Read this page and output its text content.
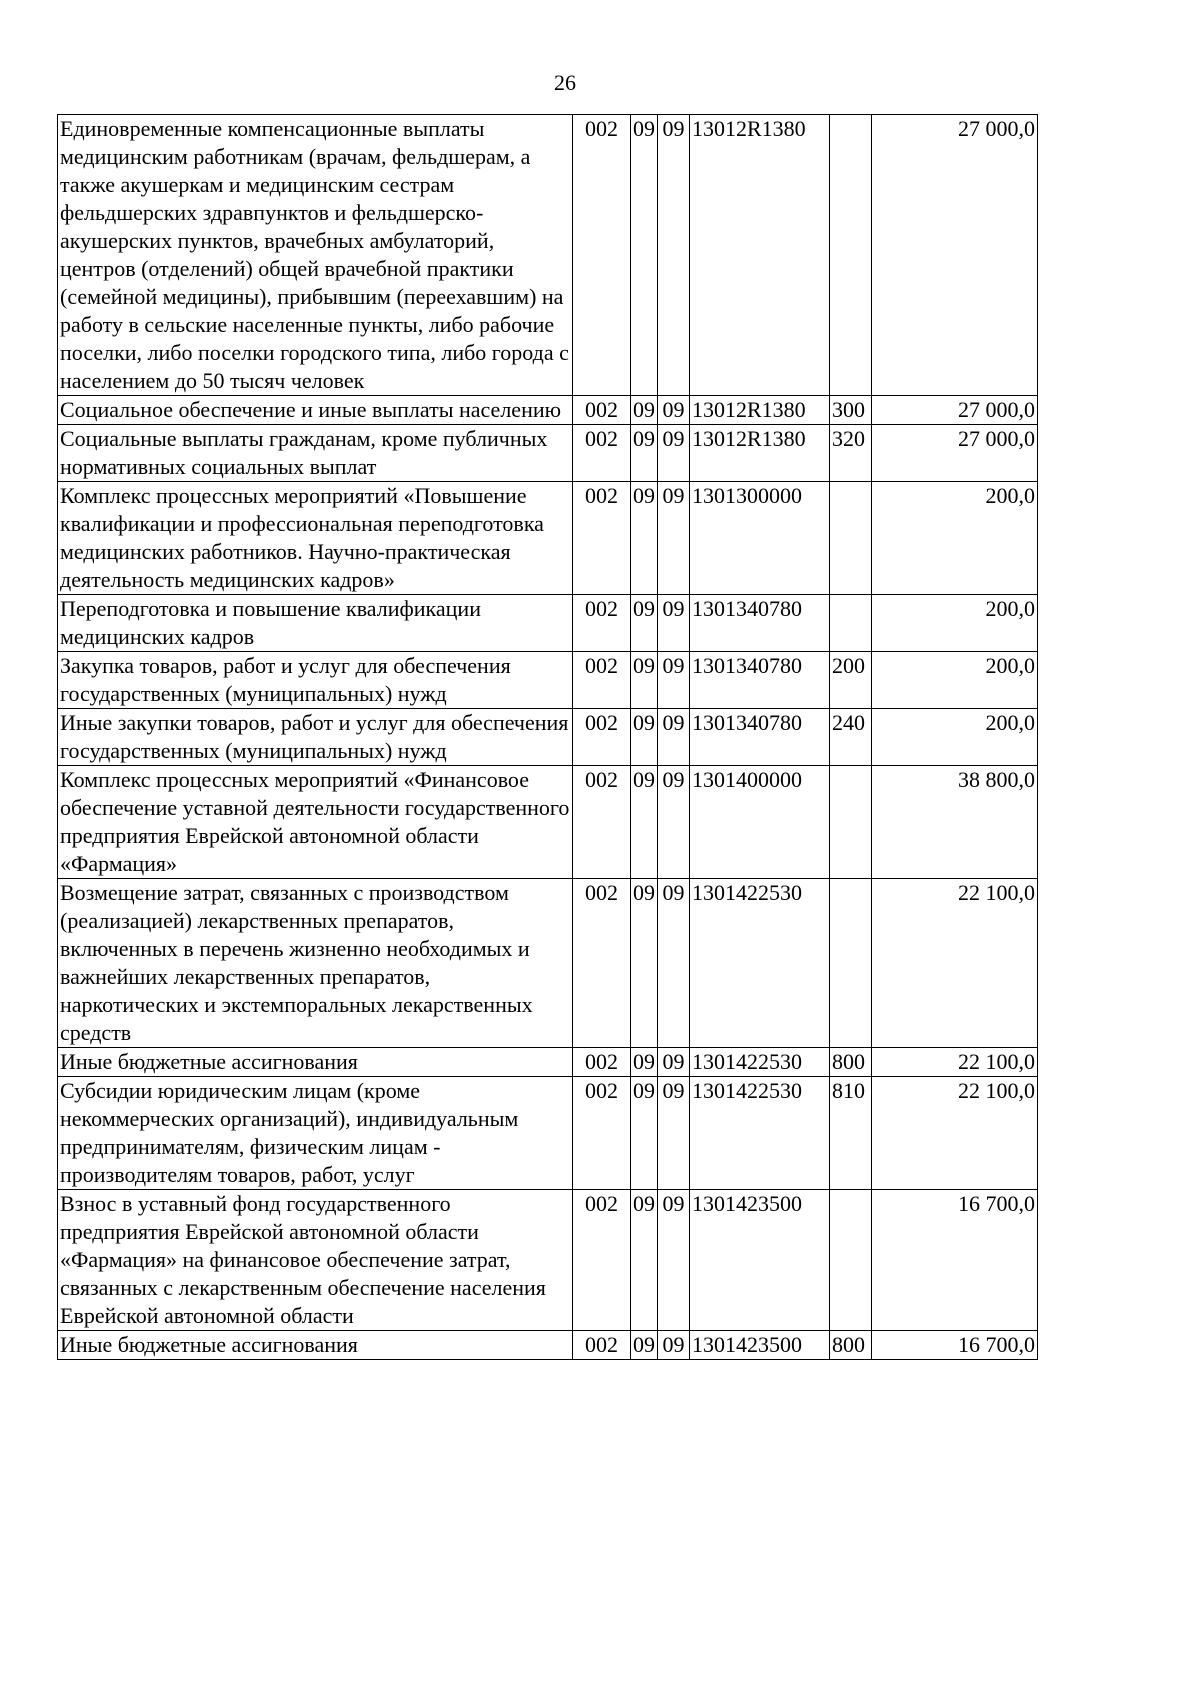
26
Единовременные компенсационные выплаты медицинским работникам (врачам, фельдшерам, а также акушеркам и медицинским сестрам фельдшерских здравпунктов и фельдшерско-акушерских пунктов, врачебных амбулаторий, центров (отделений) общей врачебной практики (семейной медицины), прибывшим (переехавшим) на работу в сельские населенные пункты, либо рабочие поселки, либо поселки городского типа, либо города с населением до 50 тысяч человек	002	09	09	13012R1380		27 000,0
Социальное обеспечение и иные выплаты населению	002	09	09	13012R1380	300	27 000,0
Социальные выплаты гражданам, кроме публичных нормативных социальных выплат	002	09	09	13012R1380	320	27 000,0
Комплекс процессных мероприятий «Повышение квалификации и профессиональная переподготовка медицинских работников. Научно-практическая деятельность медицинских кадров»	002	09	09	1301300000		200,0
Переподготовка и повышение квалификации медицинских кадров	002	09	09	1301340780		200,0
Закупка товаров, работ и услуг для обеспечения государственных (муниципальных) нужд	002	09	09	1301340780	200	200,0
Иные закупки товаров, работ и услуг для обеспечения государственных (муниципальных) нужд	002	09	09	1301340780	240	200,0
Комплекс процессных мероприятий «Финансовое обеспечение уставной деятельности государственного предприятия Еврейской автономной области «Фармация»	002	09	09	1301400000		38 800,0
Возмещение затрат, связанных с производством (реализацией) лекарственных препаратов, включенных в перечень жизненно необходимых и важнейших лекарственных препаратов, наркотических и экстемпоральных лекарственных средств	002	09	09	1301422530		22 100,0
Иные бюджетные ассигнования	002	09	09	1301422530	800	22 100,0
Субсидии юридическим лицам (кроме некоммерческих организаций), индивидуальным предпринимателям, физическим лицам - производителям товаров, работ, услуг	002	09	09	1301422530	810	22 100,0
Взнос в уставный фонд государственного предприятия Еврейской автономной области «Фармация» на финансовое обеспечение затрат, связанных с лекарственным обеспечение населения Еврейской автономной области	002	09	09	1301423500		16 700,0
Иные бюджетные ассигнования	002	09	09	1301423500	800	16 700,0
